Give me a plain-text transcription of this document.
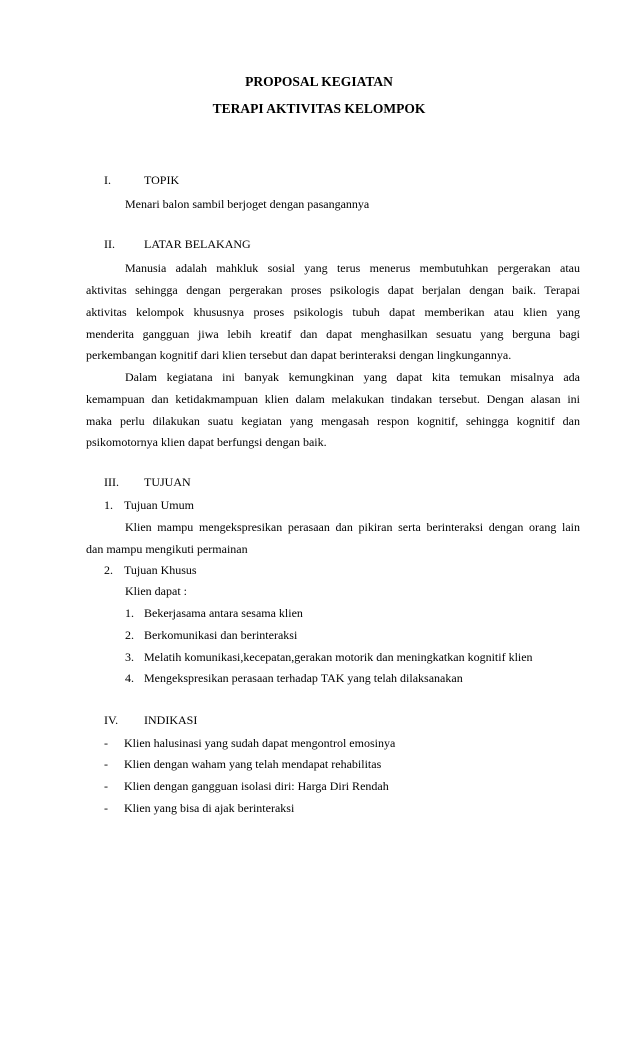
PROPOSAL KEGIATAN
TERAPI AKTIVITAS KELOMPOK
I.	TOPIK
Menari balon sambil berjoget dengan pasangannya
II. LATAR BELAKANG
Manusia adalah mahkluk sosial yang terus menerus membutuhkan pergerakan atau
aktivitas sehingga dengan pergerakan proses psikologis dapat berjalan dengan baik. Terapai
aktivitas kelompok khususnya proses psikologis tubuh dapat memberikan atau klien yang
menderita gangguan jiwa lebih kreatif dan dapat menghasilkan sesuatu yang berguna bagi
perkembangan kognitif dari klien tersebut dan dapat berinteraksi dengan lingkungannya.
Dalam kegiatana ini banyak kemungkinan yang dapat kita temukan misalnya ada
kemampuan dan ketidakmampuan klien dalam melakukan tindakan tersebut. Dengan alasan ini
maka perlu dilakukan suatu kegiatan yang mengasah respon kognitif, sehingga kognitif dan
psikomotornya klien dapat berfungsi dengan baik.
III. TUJUAN
1. Tujuan Umum
Klien mampu mengekspresikan perasaan dan pikiran serta berinteraksi dengan orang lain
dan mampu mengikuti permainan
2. Tujuan Khusus
Klien dapat :
1. Bekerjasama antara sesama klien
2. Berkomunikasi dan berinteraksi
3. Melatih komunikasi,kecepatan,gerakan motorik dan meningkatkan kognitif klien
4. Mengekspresikan perasaan terhadap TAK yang telah dilaksanakan
IV. INDIKASI
- Klien halusinasi yang sudah dapat mengontrol emosinya
- Klien dengan waham yang telah mendapat rehabilitas
- Klien dengan gangguan isolasi diri: Harga Diri Rendah
- Klien yang bisa di ajak berinteraksi
